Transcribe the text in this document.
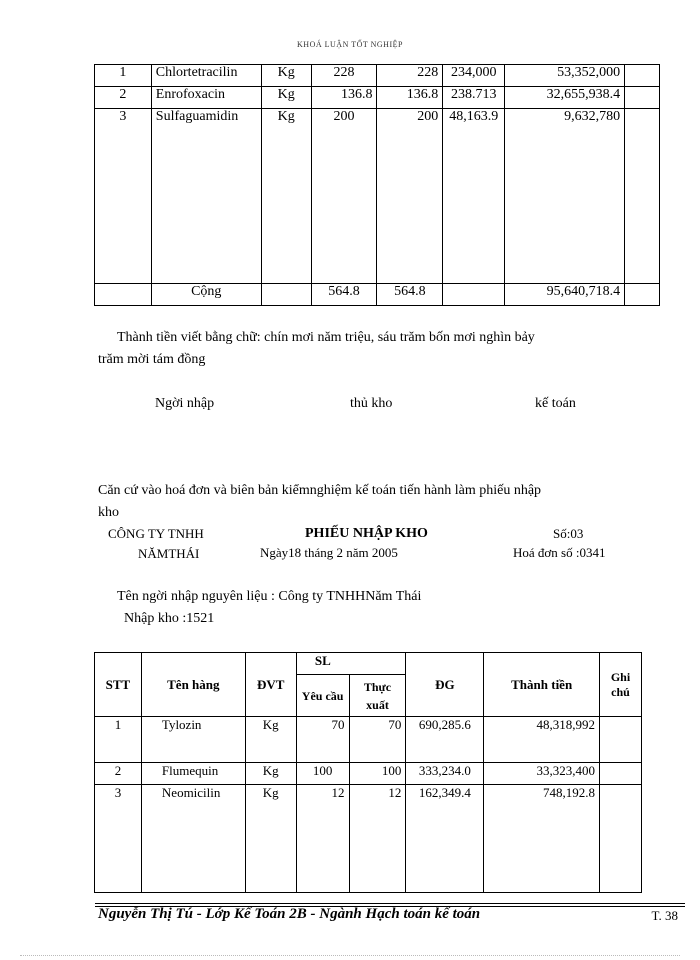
KHOÁ LUẬN TỐT NGHIỆP
1	Chlortetracilin	Kg	228	228	234,000	53,352,000	
2	Enrofoxacin	Kg	136.8	136.8	238.713	32,655,938.4	
3	Sulfaguamidin	Kg	200	200	48,163.9	9,632,780	
	Cộng		564.8	564.8		95,640,718.4	
Thành tiền viết bằng chữ: chín mơi năm triệu, sáu trăm bốn mơi nghìn bảy
trăm mời tám đồng
Ngời nhập	thủ kho	kế toán
Căn cứ vào hoá đơn và biên bản kiểmnghiệm kế toán tiến hành làm phiếu nhập
kho
CÔNG TY TNHH
NĂMTHÁI
PHIẾU NHẬP KHO
Ngày18 tháng 2 năm 2005
Số:03
Hoá đơn số :0341
Tên ngời nhập nguyên liệu : Công ty TNHHNăm Thái
Nhập kho :1521
STT	Tên hàng	ĐVT	SL		ĐG	Thành tiền	Ghi chú
			Yêu cầu	Thực xuất			
1	Tylozin	Kg	70	70	690,285.6	48,318,992	
2	Flumequin	Kg	100	100	333,234.0	33,323,400	
3	Neomicilin	Kg	12	12	162,349.4	748,192.8	
Nguyễn Thị Tú - Lớp Kế Toán 2B - Ngành Hạch toán kế toán	T. 38
